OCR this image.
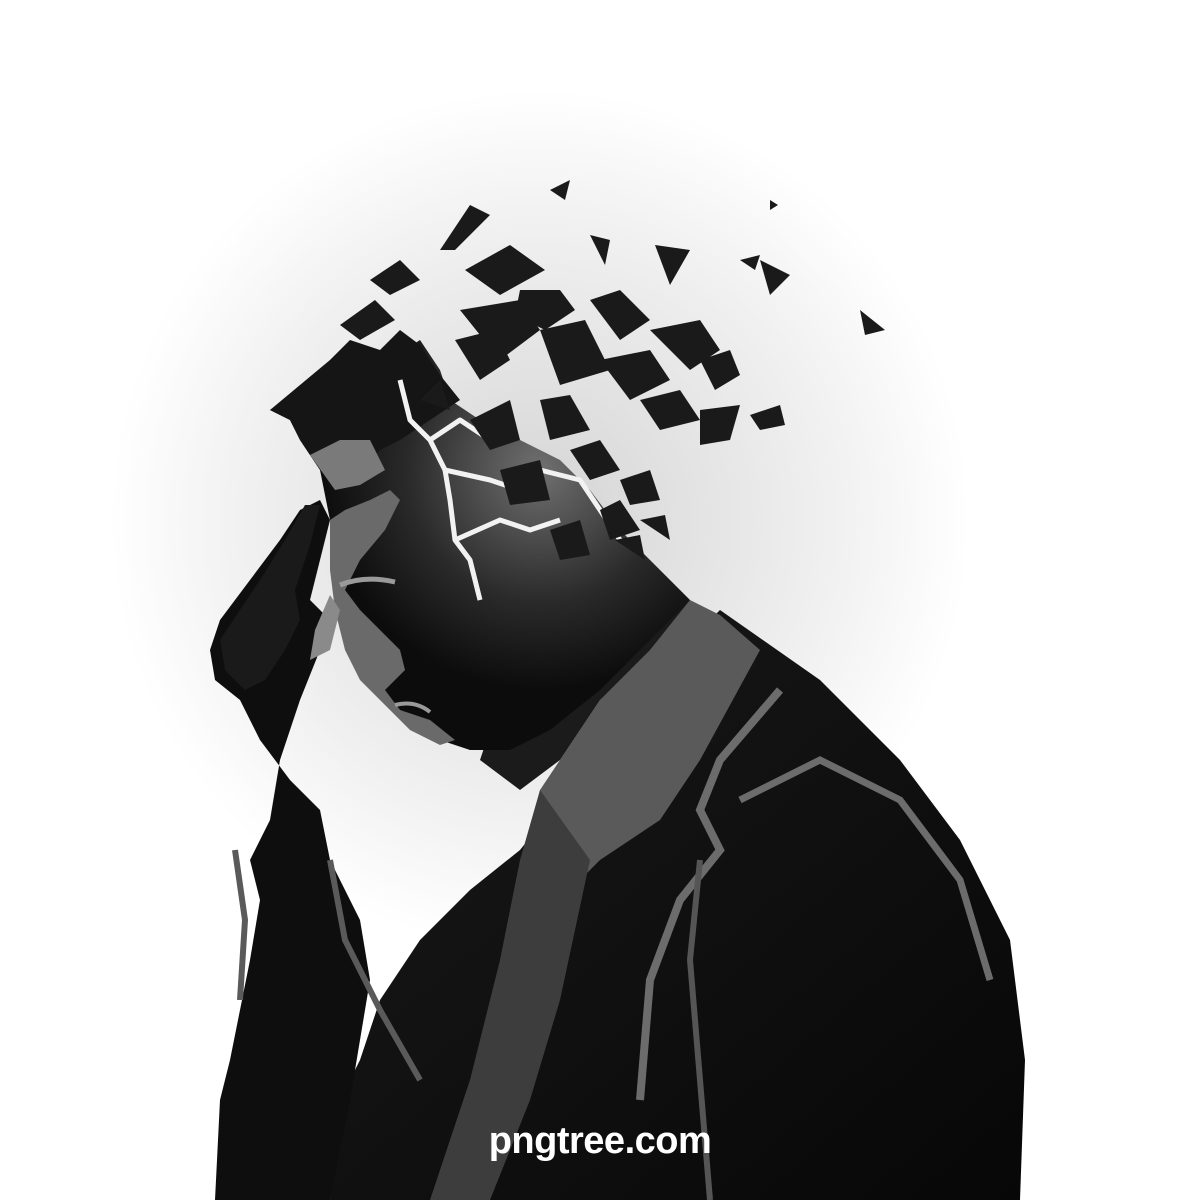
pngtree.com
